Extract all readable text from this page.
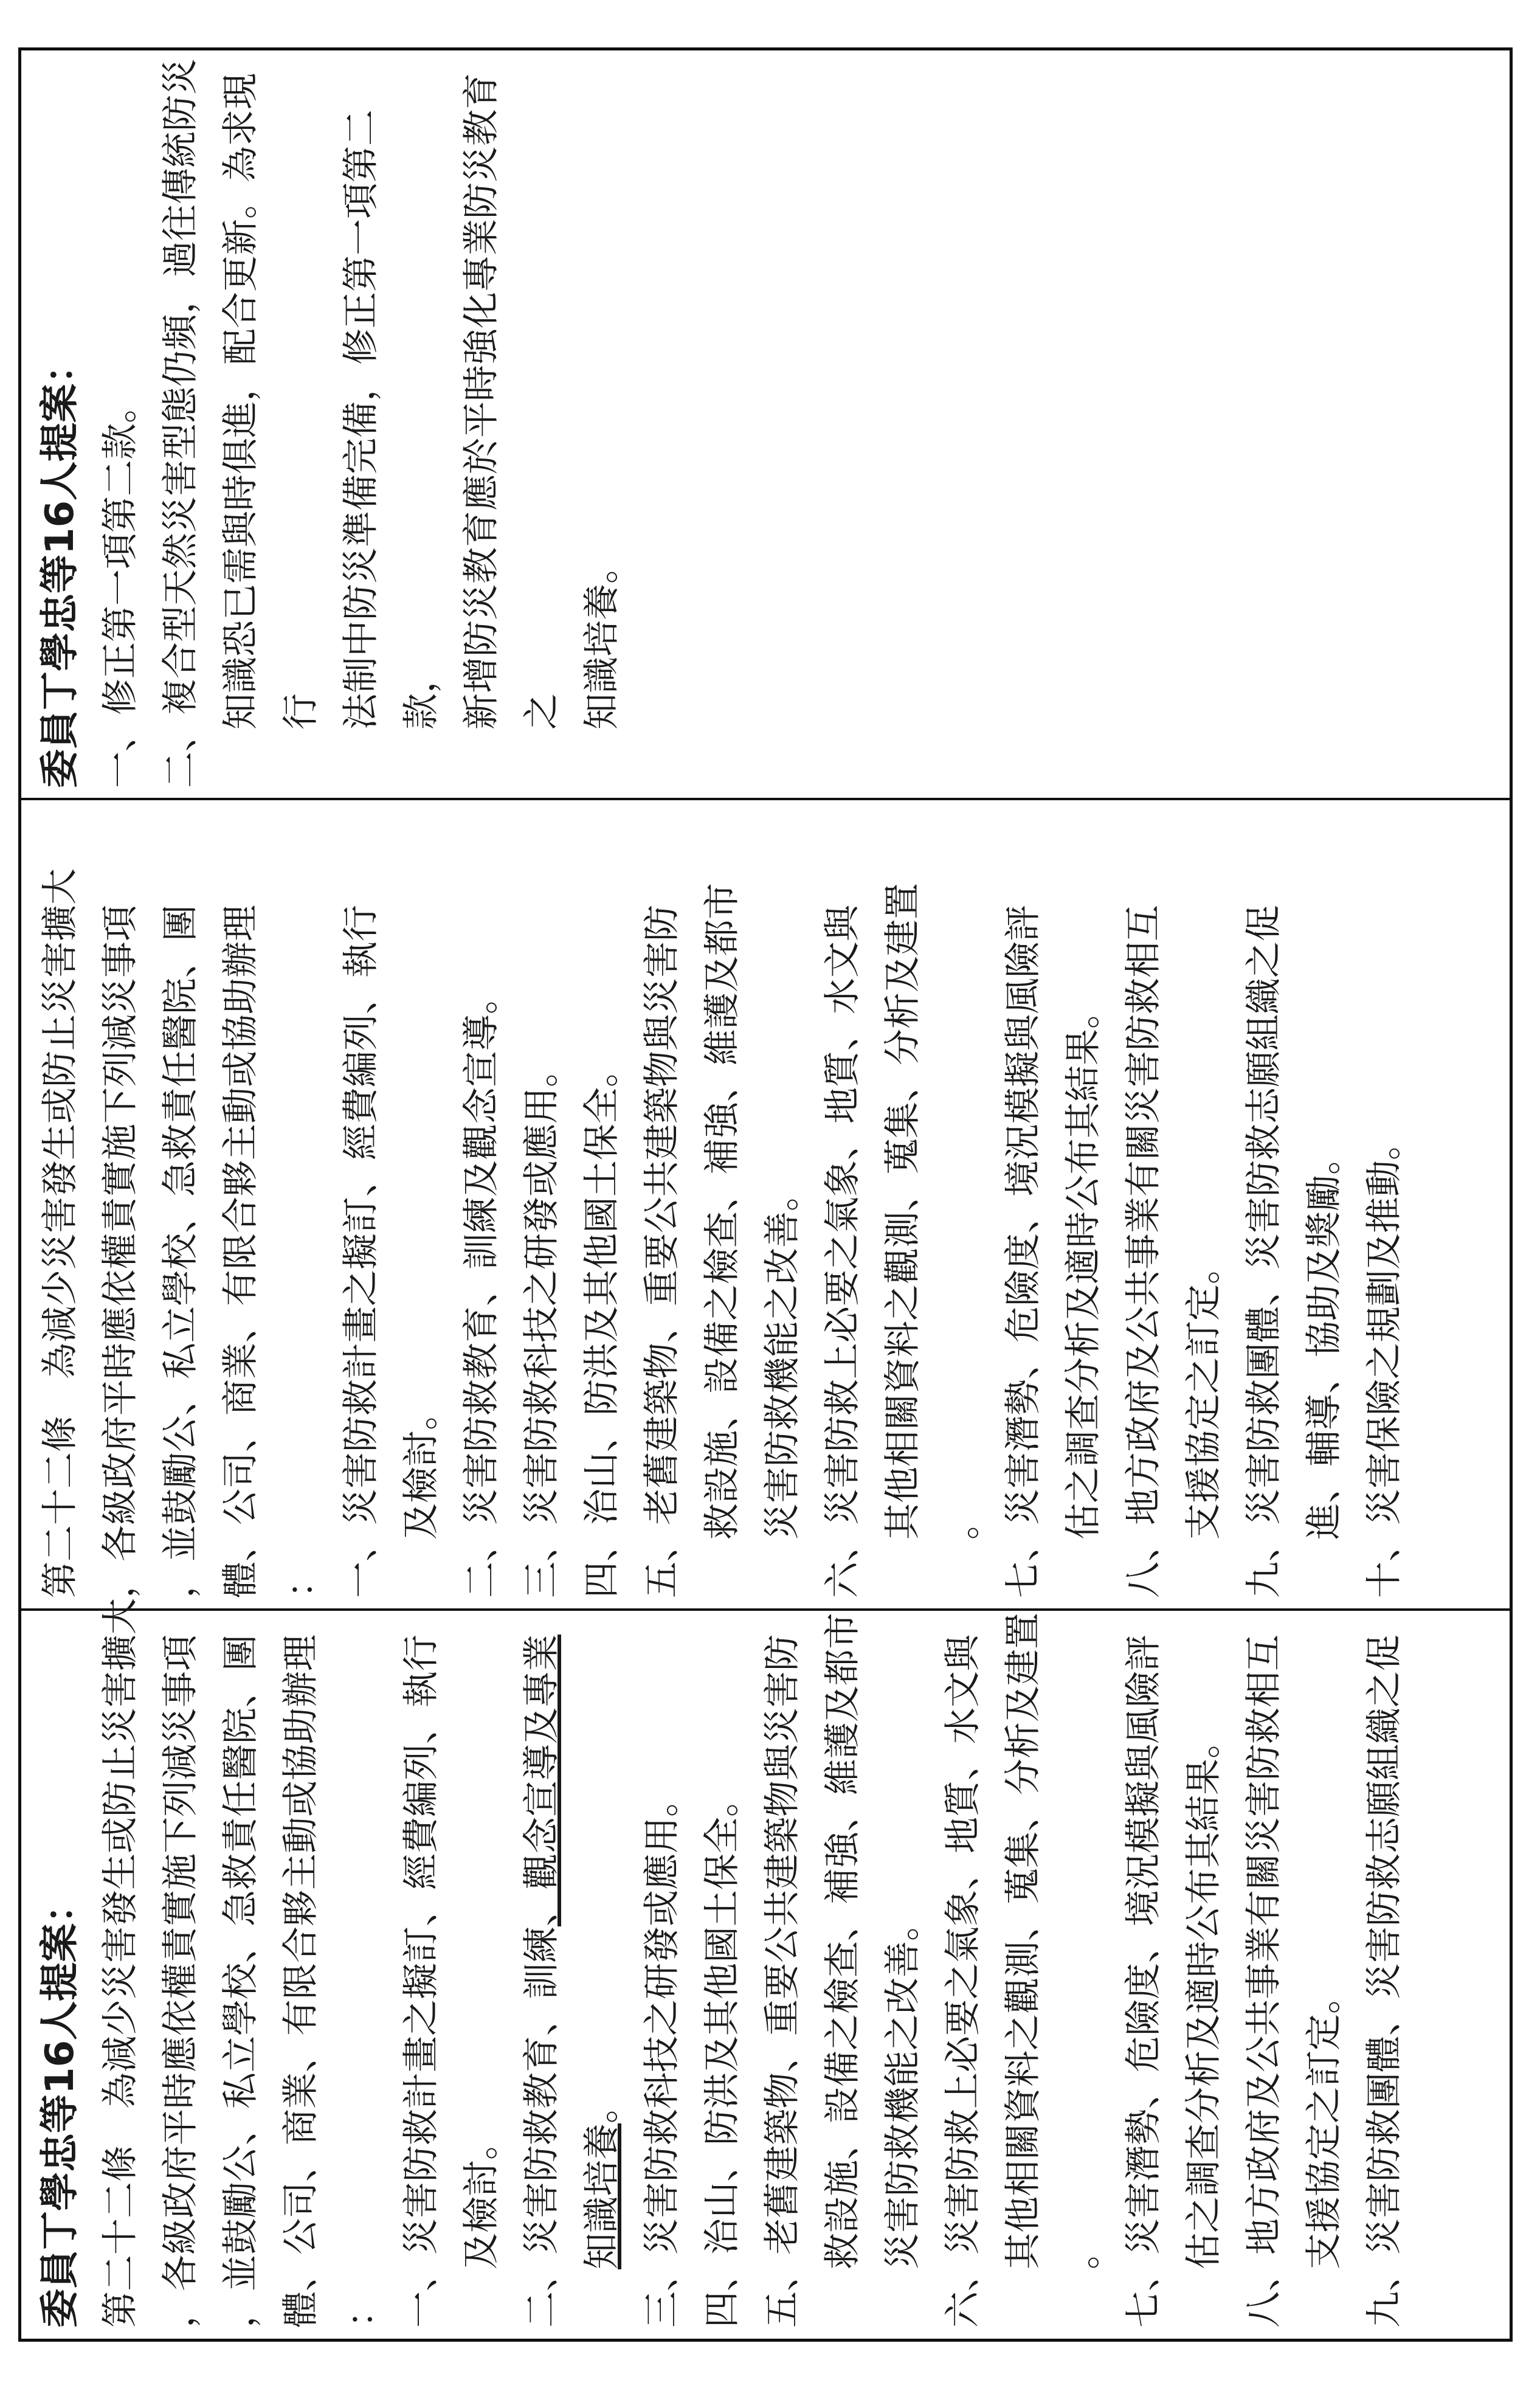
委員丁學忠等16人提案： 第二十二條　為減少災害發生或防止災害擴大 ，各級政府平時應依權責實施下列減災事項 ，並鼓勵公、私立學校、急救責任醫院、團 體、公司、商業、有限合夥主動或協助辦理 ： 一、災害防救計畫之擬訂、經費編列、執行 及檢討。 二、災害防救教育、訓練、觀念宣導及專業
知識培養。 三、災害防救科技之研發或應用。 四、治山、防洪及其他國土保全。 五、老舊建築物、重要公共建築物與災害防 救設施、設備之檢查、補強、維護及都市 災害防救機能之改善。 六、災害防救上必要之氣象、地質、水文與 其他相關資料之觀測、蒐集、分析及建置 。 七、災害潛勢、危險度、境況模擬與風險評 估之調查分析及適時公布其結果。 八、地方政府及公共事業有關災害防救相互 支援協定之訂定。 九、災害防救團體、災害防救志願組織之促
第二十二條　為減少災害發生或防止災害擴大 ，各級政府平時應依權責實施下列減災事項 ，並鼓勵公、私立學校、急救責任醫院、團 體、公司、商業、有限合夥主動或協助辦理 ： 一、災害防救計畫之擬訂、經費編列、執行 及檢討。 二、災害防救教育、訓練及觀念宣導。 三、災害防救科技之研發或應用。 四、治山、防洪及其他國土保全。 五、老舊建築物、重要公共建築物與災害防 救設施、設備之檢查、補強、維護及都市 災害防救機能之改善。 六、災害防救上必要之氣象、地質、水文與 其他相關資料之觀測、蒐集、分析及建置 。 七、災害潛勢、危險度、境況模擬與風險評 估之調查分析及適時公布其結果。 八、地方政府及公共事業有關災害防救相互 支援協定之訂定。 九、災害防救團體、災害防救志願組織之促 進、輔導、協助及獎勵。 十、災害保險之規劃及推動。
委員丁學忠等16人提案： 一、修正第一項第二款。 二、複合型天然災害型態仍頻，過往傳統防災 知識恐已需與時俱進，配合更新。為求現行 法制中防災準備完備，修正第一項第二款， 新增防災教育應於平時強化專業防災教育之 知識培養。
